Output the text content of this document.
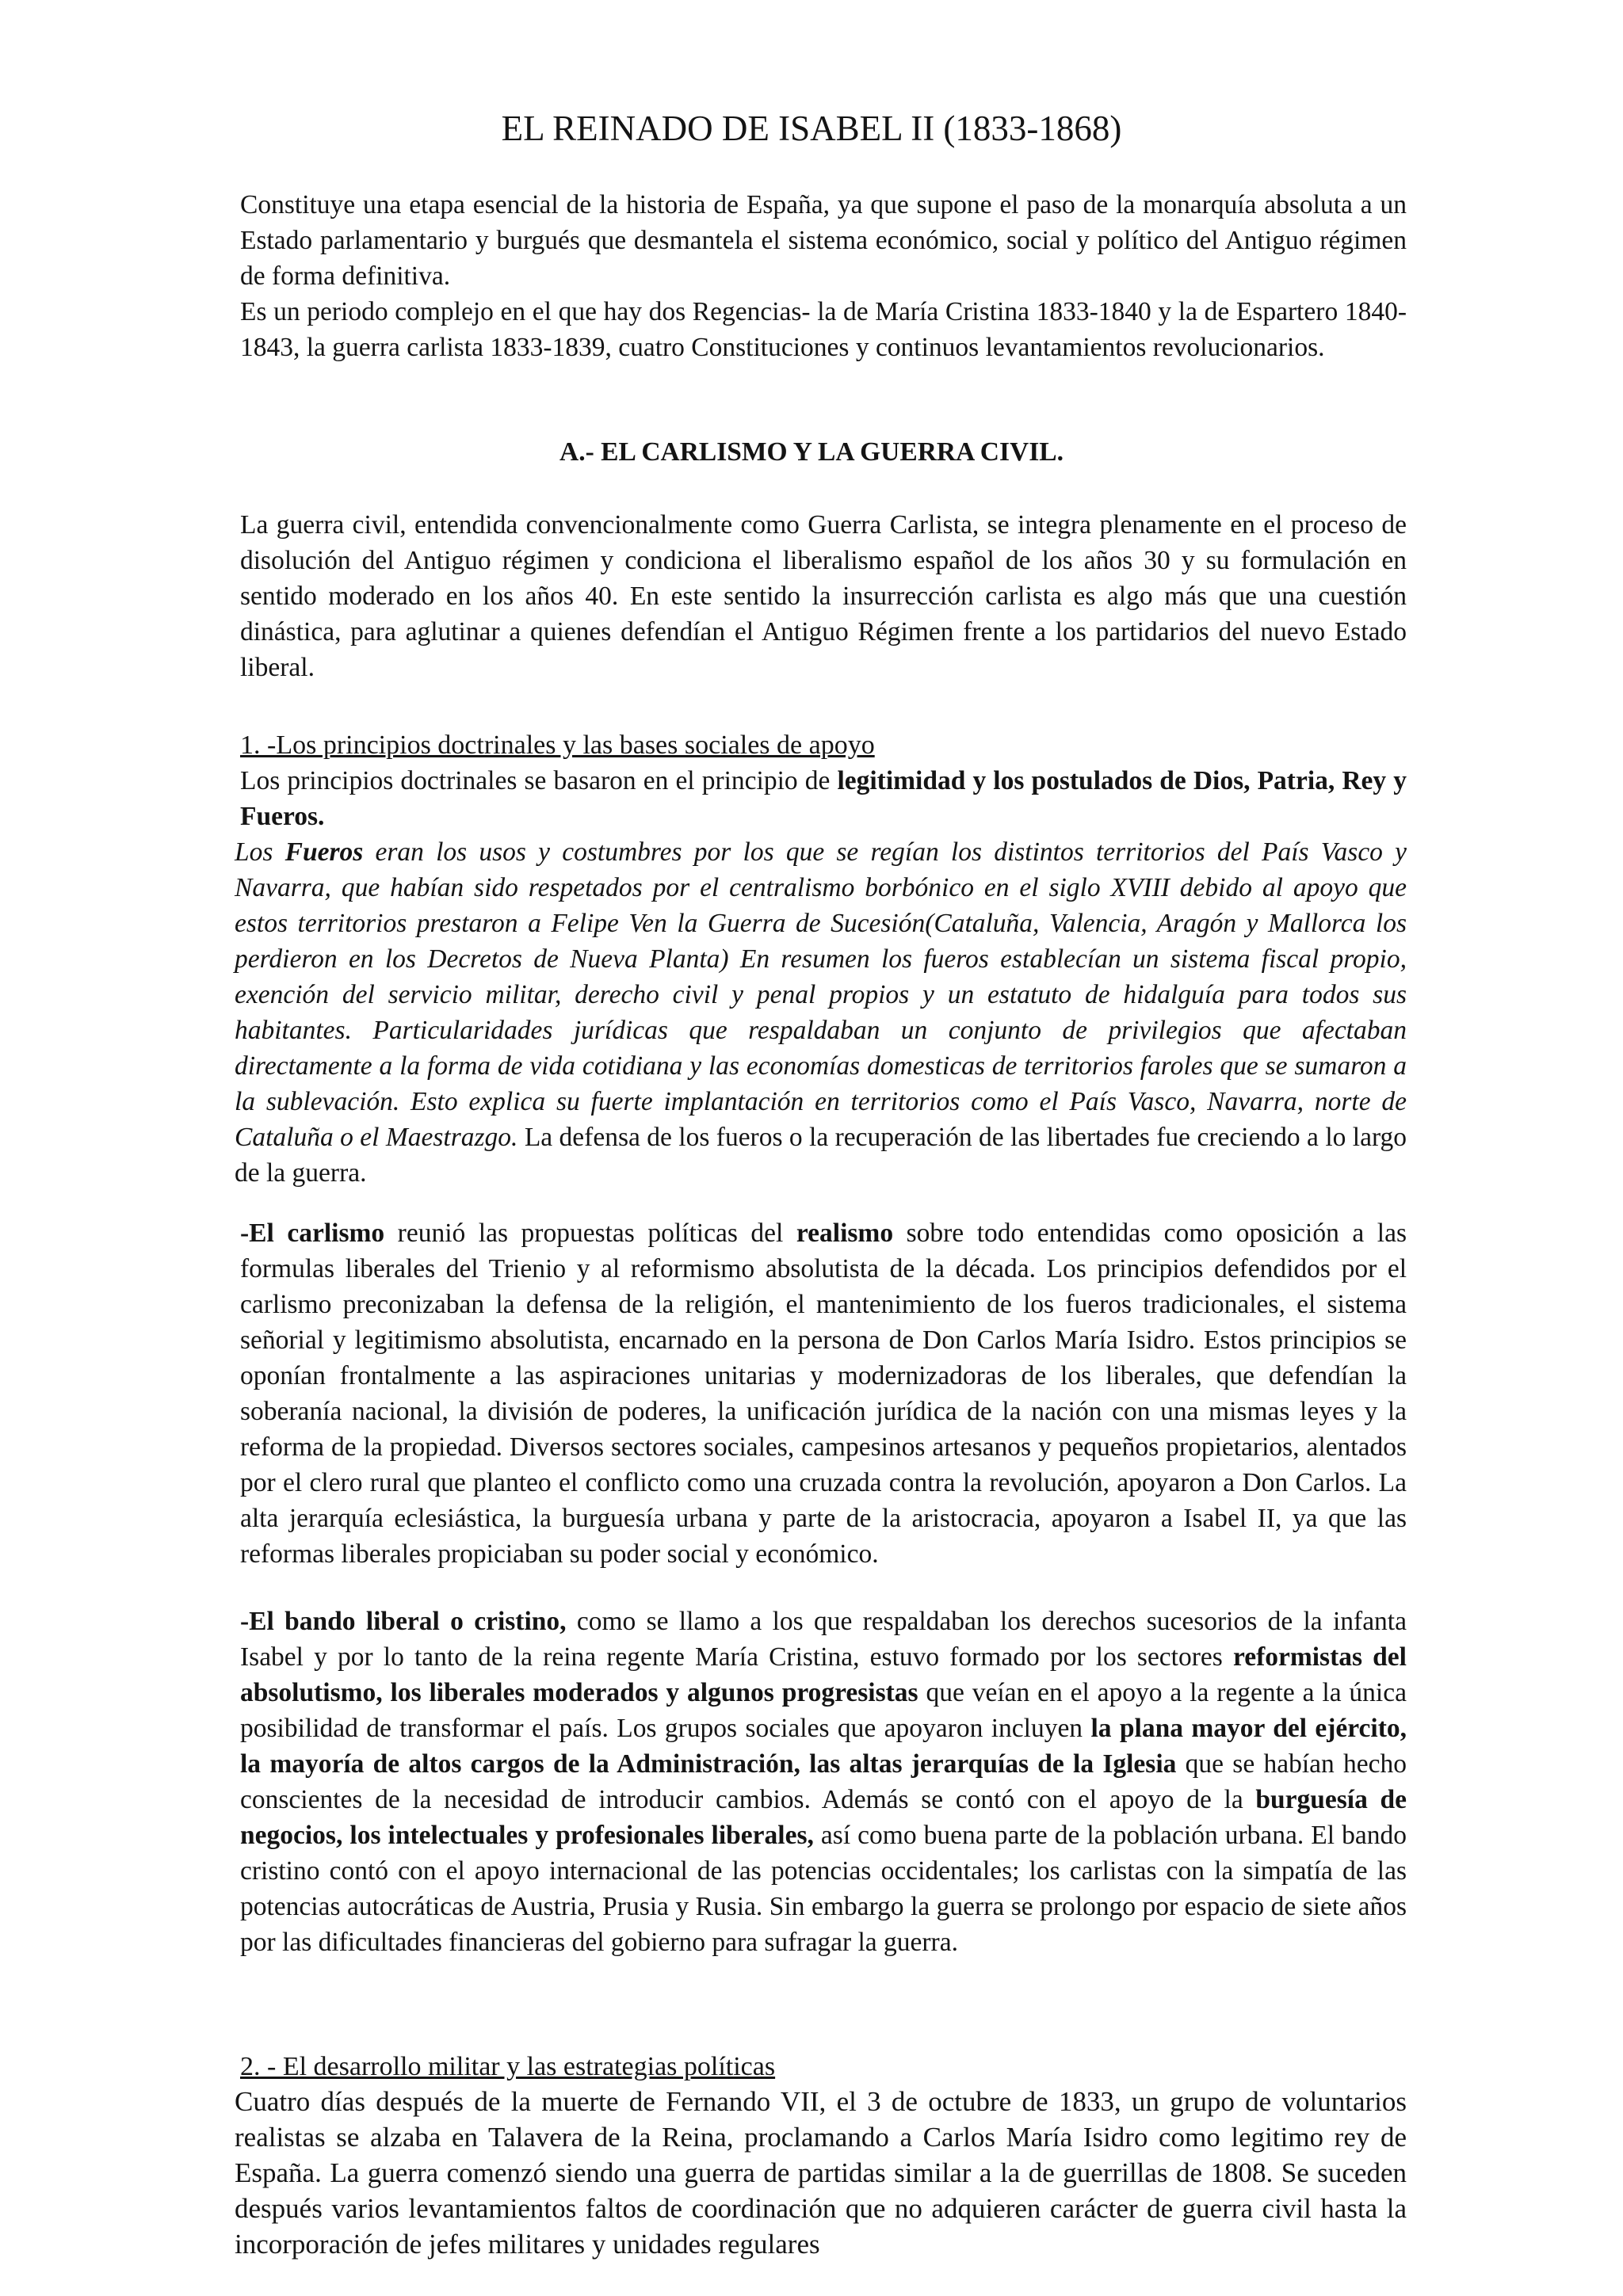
EL REINADO DE ISABEL II (1833-1868)

Constituye una etapa esencial de la historia de España, ya que supone el paso de la monarquía absoluta a un Estado parlamentario y burgués que desmantela el sistema económico, social y político del Antiguo régimen de forma definitiva.

Es un periodo complejo en el que hay dos Regencias- la de María Cristina 1833-1840 y la de Espartero 1840-1843, la guerra carlista 1833-1839, cuatro Constituciones y continuos levantamientos revolucionarios.

A.- EL CARLISMO Y LA GUERRA CIVIL.

La guerra civil, entendida convencionalmente como Guerra Carlista, se integra plenamente en el proceso de disolución del Antiguo régimen y condiciona el liberalismo español de los años 30 y su formulación en sentido moderado en los años 40. En este sentido la insurrección carlista es algo más que una cuestión dinástica, para aglutinar a quienes defendían el Antiguo Régimen frente a los partidarios del nuevo Estado liberal.

1. -Los principios doctrinales y las bases sociales de apoyo

Los principios doctrinales se basaron en el principio de legitimidad y los postulados de Dios, Patria, Rey y Fueros.

Los Fueros eran los usos y costumbres por los que se regían los distintos territorios del País Vasco y Navarra, que habían sido respetados por el centralismo borbónico en el siglo XVIII debido al apoyo que estos territorios prestaron a Felipe Ven la Guerra de Sucesión(Cataluña, Valencia, Aragón y Mallorca los perdieron en los Decretos de Nueva Planta) En resumen los fueros establecían un sistema fiscal propio, exención del servicio militar, derecho civil y penal propios y un estatuto de hidalguía para todos sus habitantes. Particularidades jurídicas que respaldaban un conjunto de privilegios que afectaban directamente a la forma de vida cotidiana y las economías domesticas de territorios faroles que se sumaron a la sublevación. Esto explica su fuerte implantación en territorios como el País Vasco, Navarra, norte de Cataluña o el Maestrazgo. La defensa de los fueros o la recuperación de las libertades fue creciendo a lo largo de la guerra.

-El carlismo reunió las propuestas políticas del realismo sobre todo entendidas como oposición a las formulas liberales del Trienio y al reformismo absolutista de la década. Los principios defendidos por el carlismo preconizaban la defensa de la religión, el mantenimiento de los fueros tradicionales, el sistema señorial y legitimismo absolutista, encarnado en la persona de Don Carlos María Isidro. Estos principios se oponían frontalmente a las aspiraciones unitarias y modernizadoras de los liberales, que defendían la soberanía nacional, la división de poderes, la unificación jurídica de la nación con una mismas leyes y la reforma de la propiedad. Diversos sectores sociales, campesinos artesanos y pequeños propietarios, alentados por el clero rural que planteo el conflicto como una cruzada contra la revolución, apoyaron a Don Carlos. La alta jerarquía eclesiástica, la burguesía urbana y parte de la aristocracia, apoyaron a Isabel II, ya que las reformas liberales propiciaban su poder social y económico.

-El bando liberal o cristino, como se llamo a los que respaldaban los derechos sucesorios de la infanta Isabel y por lo tanto de la reina regente María Cristina, estuvo formado por los sectores reformistas del absolutismo, los liberales moderados y algunos progresistas que veían en el apoyo a la regente a la única posibilidad de transformar el país. Los grupos sociales que apoyaron incluyen la plana mayor del ejército, la mayoría de altos cargos de la Administración, las altas jerarquías de la Iglesia que se habían hecho conscientes de la necesidad de introducir cambios. Además se contó con el apoyo de la burguesía de negocios, los intelectuales y profesionales liberales, así como buena parte de la población urbana. El bando cristino contó con el apoyo internacional de las potencias occidentales; los carlistas con la simpatía de las potencias autocráticas de Austria, Prusia y Rusia. Sin embargo la guerra se prolongo por espacio de siete años por las dificultades financieras del gobierno para sufragar la guerra.

2. - El desarrollo militar y las estrategias políticas

Cuatro días después de la muerte de Fernando VII, el 3 de octubre de 1833, un grupo de voluntarios realistas se alzaba en Talavera de la Reina, proclamando a Carlos María Isidro como legitimo rey de España. La guerra comenzó siendo una guerra de partidas similar a la de guerrillas de 1808. Se suceden después varios levantamientos faltos de coordinación que no adquieren carácter de guerra civil hasta la incorporación de jefes militares y unidades regulares
